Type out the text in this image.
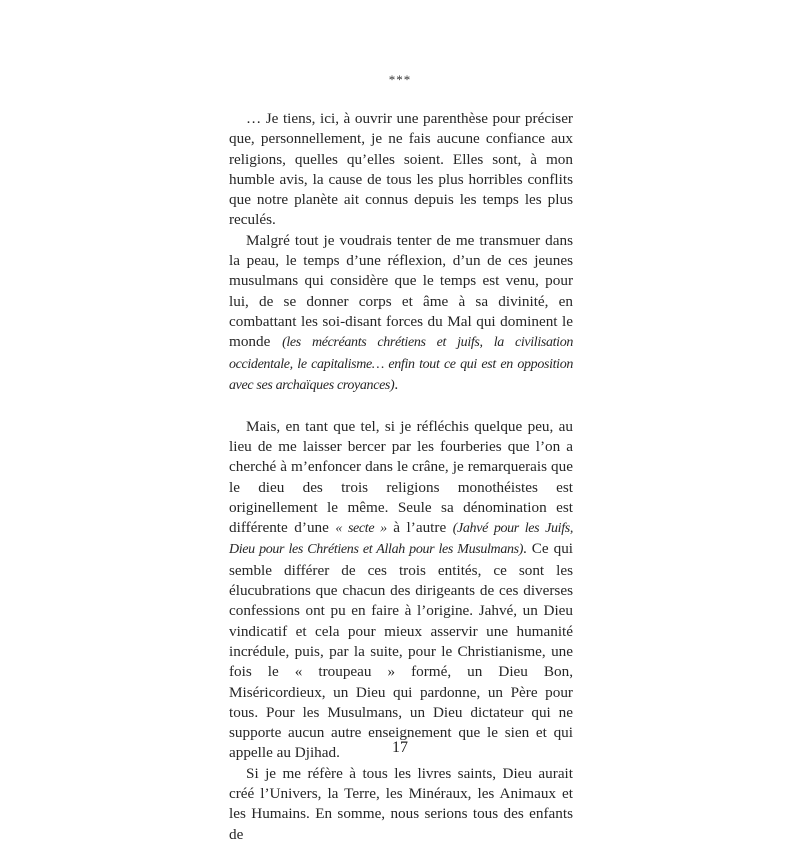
***

… Je tiens, ici, à ouvrir une parenthèse pour préciser que, personnellement, je ne fais aucune confiance aux religions, quelles qu’elles soient. Elles sont, à mon humble avis, la cause de tous les plus horribles conflits que notre planète ait connus depuis les temps les plus reculés.

Malgré tout je voudrais tenter de me transmuer dans la peau, le temps d’une réflexion, d’un de ces jeunes musulmans qui considère que le temps est venu, pour lui, de se donner corps et âme à sa divinité, en combattant les soi-disant forces du Mal qui dominent le monde (les mécréants chrétiens et juifs, la civilisation occidentale, le capitalisme… enfin tout ce qui est en opposition avec ses archaïques croyances).

Mais, en tant que tel, si je réfléchis quelque peu, au lieu de me laisser bercer par les fourberies que l’on a cherché à m’enfoncer dans le crâne, je remarquerais que le dieu des trois religions monothéistes est originellement le même. Seule sa dénomination est différente d’une « secte » à l’autre (Jahvé pour les Juifs, Dieu pour les Chrétiens et Allah pour les Musulmans). Ce qui semble différer de ces trois entités, ce sont les élucubrations que chacun des dirigeants de ces diverses confessions ont pu en faire à l’origine. Jahvé, un Dieu vindicatif et cela pour mieux asservir une humanité incrédule, puis, par la suite, pour le Christianisme, une fois le « troupeau » formé, un Dieu Bon, Miséricordieux, un Dieu qui pardonne, un Père pour tous. Pour les Musulmans, un Dieu dictateur qui ne supporte aucun autre enseignement que le sien et qui appelle au Djihad.

Si je me réfère à tous les livres saints, Dieu aurait créé l’Univers, la Terre, les Minéraux, les Animaux et les Humains. En somme, nous serions tous des enfants de

17
